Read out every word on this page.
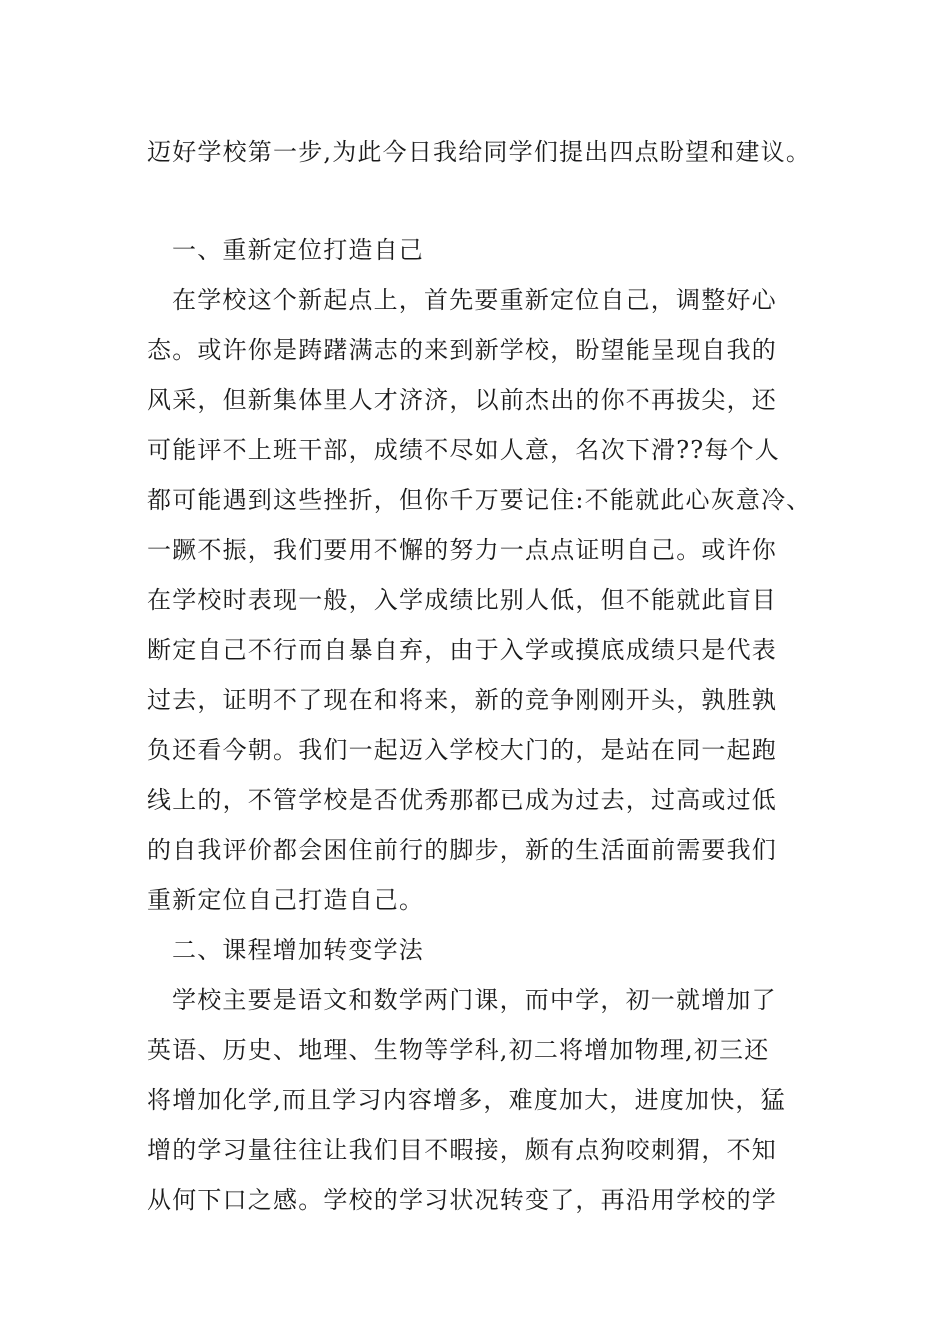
迈好学校第一步,为此今日我给同学们提出四点盼望和建议。
一、重新定位打造自己
在学校这个新起点上，首先要重新定位自己，调整好心
态。或许你是踌躇满志的来到新学校，盼望能呈现自我的
风采，但新集体里人才济济，以前杰出的你不再拔尖，还
可能评不上班干部，成绩不尽如人意，名次下滑??每个人
都可能遇到这些挫折，但你千万要记住:不能就此心灰意冷、
一蹶不振，我们要用不懈的努力一点点证明自己。或许你
在学校时表现一般，入学成绩比别人低，但不能就此盲目
断定自己不行而自暴自弃，由于入学或摸底成绩只是代表
过去，证明不了现在和将来，新的竞争刚刚开头，孰胜孰
负还看今朝。我们一起迈入学校大门的，是站在同一起跑
线上的，不管学校是否优秀那都已成为过去，过高或过低
的自我评价都会困住前行的脚步，新的生活面前需要我们
重新定位自己打造自己。
二、课程增加转变学法
学校主要是语文和数学两门课，而中学，初一就增加了
英语、历史、地理、生物等学科,初二将增加物理,初三还
将增加化学,而且学习内容增多，难度加大，进度加快，猛
增的学习量往往让我们目不暇接，颇有点狗咬刺猬，不知
从何下口之感。学校的学习状况转变了，再沿用学校的学
